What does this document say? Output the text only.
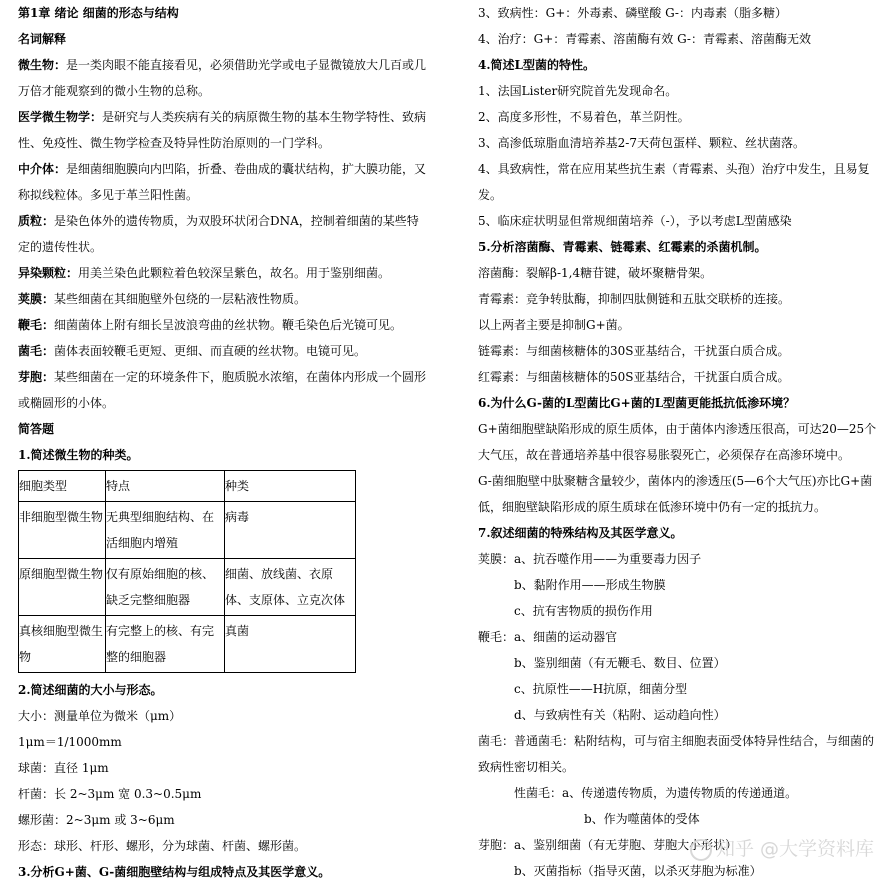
第1章 绪论 细菌的形态与结构
名词解释
微生物：是一类肉眼不能直接看见，必须借助光学或电子显微镜放大几百或几万倍才能观察到的微小生物的总称。
医学微生物学：是研究与人类疾病有关的病原微生物的基本生物学特性、致病性、免疫性、微生物学检查及特异性防治原则的一门学科。
中介体：是细菌细胞膜向内凹陷，折叠、卷曲成的囊状结构，扩大膜功能，又称拟线粒体。多见于革兰阳性菌。
质粒：是染色体外的遗传物质，为双股环状闭合DNA，控制着细菌的某些特定的遗传性状。
异染颗粒：用美兰染色此颗粒着色较深呈紫色，故名。用于鉴别细菌。
荚膜：某些细菌在其细胞壁外包绕的一层粘液性物质。
鞭毛：细菌菌体上附有细长呈波浪弯曲的丝状物。鞭毛染色后光镜可见。
菌毛：菌体表面较鞭毛更短、更细、而直硬的丝状物。电镜可见。
芽胞：某些细菌在一定的环境条件下，胞质脱水浓缩，在菌体内形成一个圆形或椭圆形的小体。
简答题
1.简述微生物的种类。
细胞类型	特点	种类
非细胞型微生物	无典型细胞结构、在活细胞内增殖	病毒
原细胞型微生物	仅有原始细胞的核、缺乏完整细胞器	细菌、放线菌、衣原体、支原体、立克次体
真核细胞型微生物	有完整上的核、有完整的细胞器	真菌
2.简述细菌的大小与形态。
大小：测量单位为微米（μm）
1μm＝1/1000mm
球菌：直径 1μm
杆菌：长 2~3μm 宽 0.3~0.5μm
螺形菌：2~3μm 或 3~6μm
形态：球形、杆形、螺形，分为球菌、杆菌、螺形菌。
3.分析G+菌、G-菌细胞壁结构与组成特点及其医学意义。
3、致病性：G+：外毒素、磷壁酸 G-：内毒素（脂多糖）
4、治疗：G+：青霉素、溶菌酶有效 G-：青霉素、溶菌酶无效
4.简述L型菌的特性。
1、法国Lister研究院首先发现命名。
2、高度多形性，不易着色，革兰阴性。
3、高渗低琼脂血清培养基2-7天荷包蛋样、颗粒、丝状菌落。
4、具致病性，常在应用某些抗生素（青霉素、头孢）治疗中发生，且易复发。
5、临床症状明显但常规细菌培养（-），予以考虑L型菌感染
5.分析溶菌酶、青霉素、链霉素、红霉素的杀菌机制。
溶菌酶：裂解β-1,4糖苷键，破坏聚糖骨架。
青霉素：竞争转肽酶，抑制四肽侧链和五肽交联桥的连接。
以上两者主要是抑制G+菌。
链霉素：与细菌核糖体的30S亚基结合，干扰蛋白质合成。
红霉素：与细菌核糖体的50S亚基结合，干扰蛋白质合成。
6.为什么G-菌的L型菌比G+菌的L型菌更能抵抗低渗环境？
G+菌细胞壁缺陷形成的原生质体，由于菌体内渗透压很高，可达20—25个大气压，故在普通培养基中很容易胀裂死亡，必须保存在高渗环境中。
G-菌细胞壁中肽聚糖含量较少，菌体内的渗透压(5—6个大气压)亦比G+菌低，细胞壁缺陷形成的原生质球在低渗环境中仍有一定的抵抗力。
7.叙述细菌的特殊结构及其医学意义。
荚膜：a、抗吞噬作用——为重要毒力因子
b、黏附作用——形成生物膜
c、抗有害物质的损伤作用
鞭毛：a、细菌的运动器官
b、鉴别细菌（有无鞭毛、数目、位置）
c、抗原性——H抗原，细菌分型
d、与致病性有关（粘附、运动趋向性）
菌毛：普通菌毛：粘附结构，可与宿主细胞表面受体特异性结合，与细菌的致病性密切相关。
性菌毛：a、传递遗传物质，为遗传物质的传递通道。
b、作为噬菌体的受体
芽胞：a、鉴别细菌（有无芽胞、芽胞大小形状）
b、灭菌指标（指导灭菌，以杀灭芽胞为标准）
知乎 @大学资料库
